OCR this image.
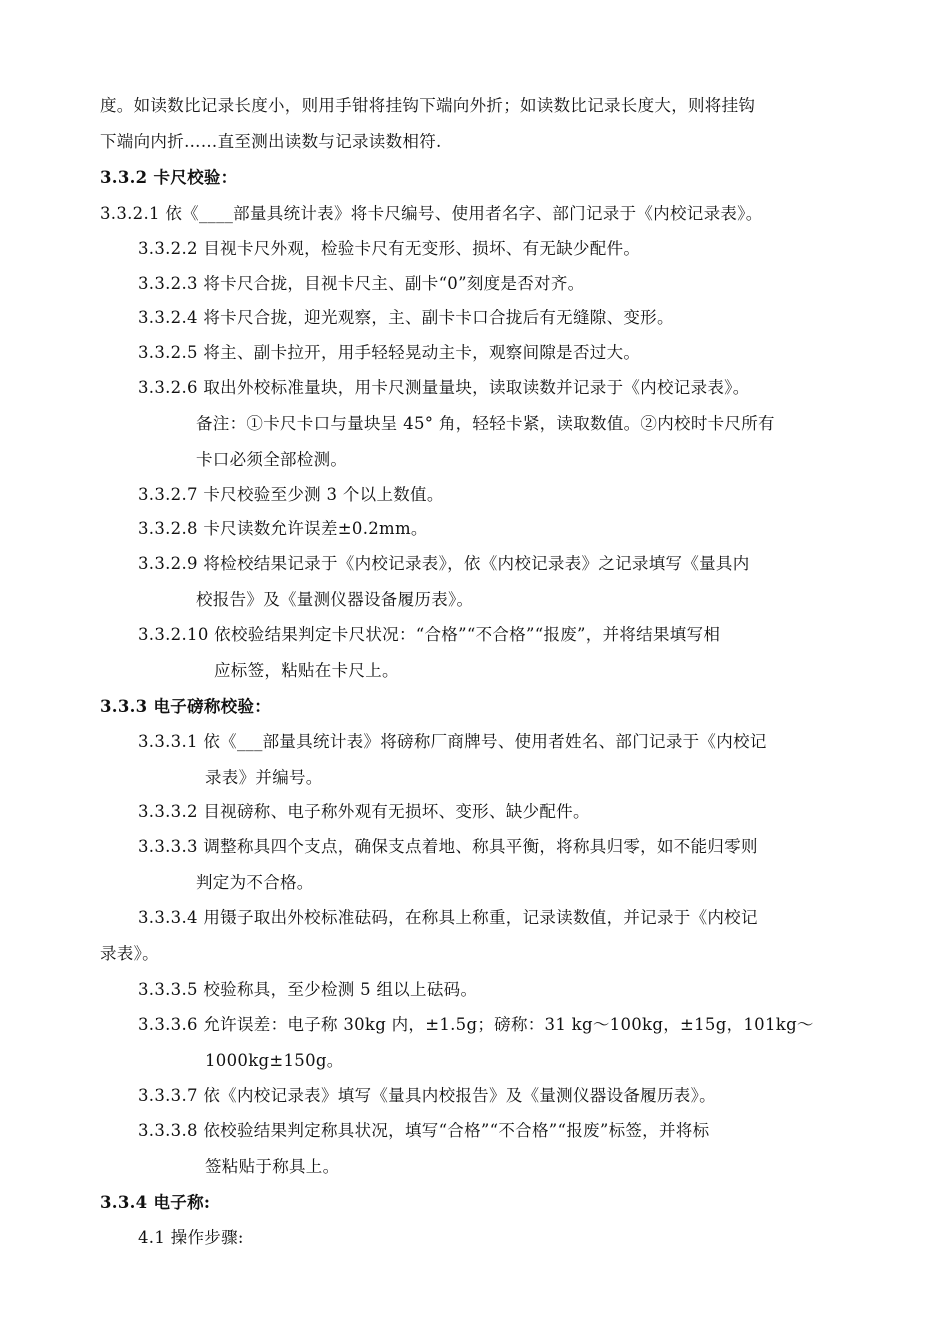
度。如读数比记录长度小，则用手钳将挂钩下端向外折；如读数比记录长度大，则将挂钩
下端向内折……直至测出读数与记录读数相符.
3.3.2 卡尺校验：
3.3.2.1 依《____部量具统计表》将卡尺编号、使用者名字、部门记录于《内校记录表》。
3.3.2.2 目视卡尺外观，检验卡尺有无变形、损坏、有无缺少配件。
3.3.2.3 将卡尺合拢，目视卡尺主、副卡“0”刻度是否对齐。
3.3.2.4 将卡尺合拢，迎光观察，主、副卡卡口合拢后有无缝隙、变形。
3.3.2.5 将主、副卡拉开，用手轻轻晃动主卡，观察间隙是否过大。
3.3.2.6 取出外校标准量块，用卡尺测量量块，读取读数并记录于《内校记录表》。
备注：①卡尺卡口与量块呈 45° 角，轻轻卡紧，读取数值。②内校时卡尺所有
卡口必须全部检测。
3.3.2.7 卡尺校验至少测 3 个以上数值。
3.3.2.8 卡尺读数允许误差±0.2mm。
3.3.2.9 将检校结果记录于《内校记录表》，依《内校记录表》之记录填写《量具内
校报告》及《量测仪器设备履历表》。
3.3.2.10 依校验结果判定卡尺状况：“合格”“不合格”“报废”，并将结果填写相
应标签，粘贴在卡尺上。
3.3.3 电子磅称校验：
3.3.3.1 依《___部量具统计表》将磅称厂商牌号、使用者姓名、部门记录于《内校记
录表》并编号。
3.3.3.2 目视磅称、电子称外观有无损坏、变形、缺少配件。
3.3.3.3 调整称具四个支点，确保支点着地、称具平衡，将称具归零，如不能归零则
判定为不合格。
3.3.3.4 用镊子取出外校标准砝码，在称具上称重，记录读数值，并记录于《内校记
录表》。
3.3.3.5 校验称具，至少检测 5 组以上砝码。
3.3.3.6 允许误差：电子称 30kg 内，±1.5g；磅称：31 kg～100kg，±15g，101kg～
1000kg±150g。
3.3.3.7 依《内校记录表》填写《量具内校报告》及《量测仪器设备履历表》。
3.3.3.8 依校验结果判定称具状况，填写“合格”“不合格”“报废”标签，并将标
签粘贴于称具上。
3.3.4 电子称:
4.1 操作步骤:
